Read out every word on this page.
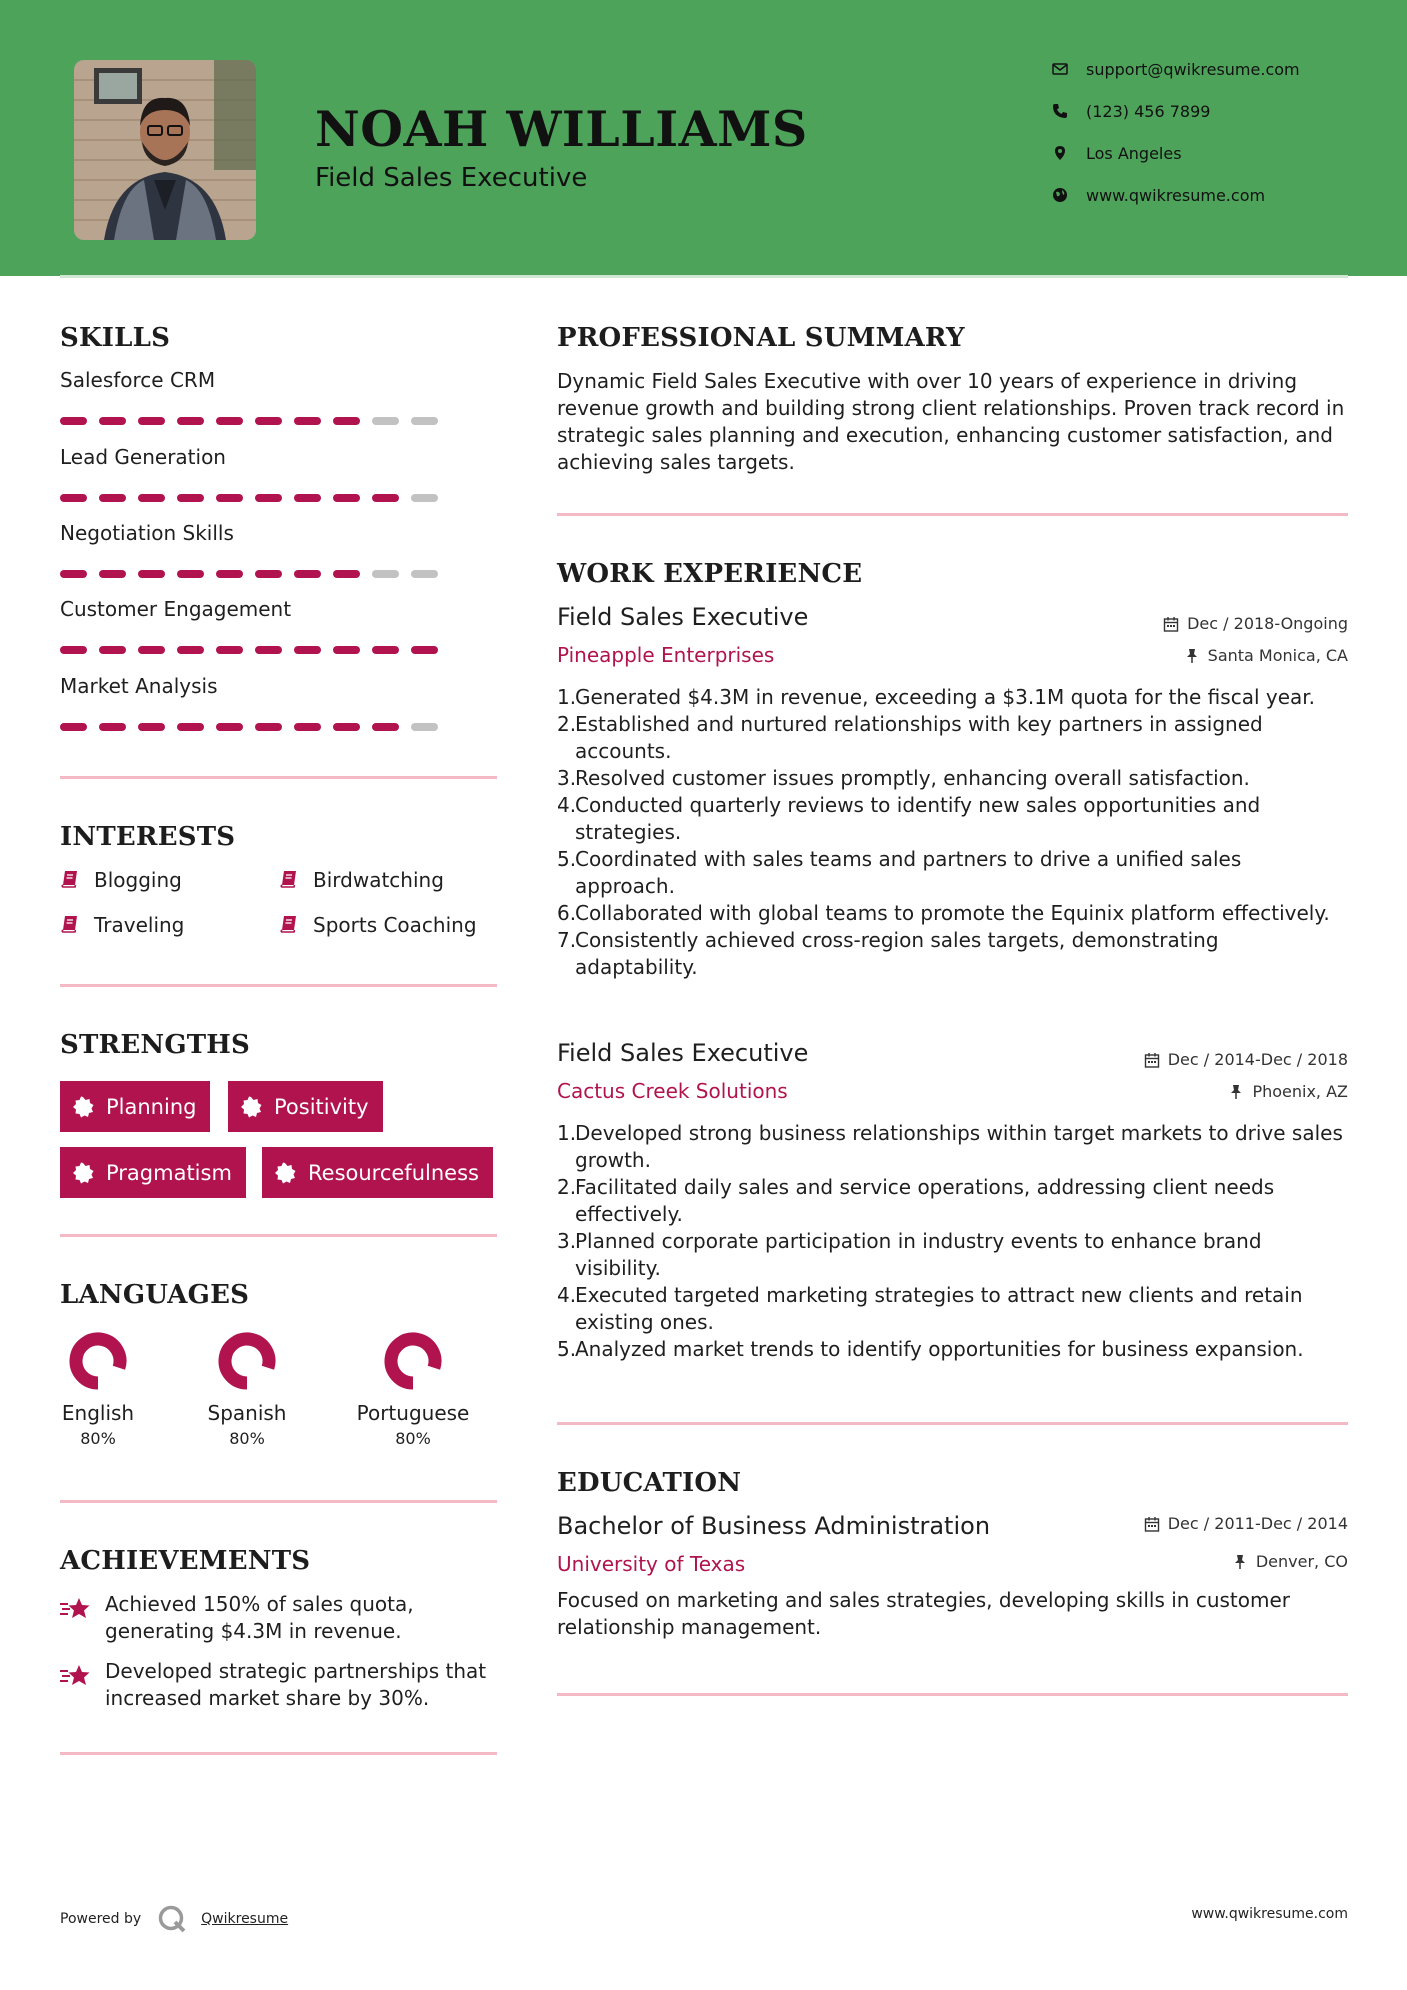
NOAH WILLIAMS
Field Sales Executive
support@qwikresume.com
(123) 456 7899
Los Angeles
www.qwikresume.com
SKILLS
Salesforce CRM
Lead Generation
Negotiation Skills
Customer Engagement
Market Analysis
INTERESTS
Blogging	Birdwatching
Traveling	Sports Coaching
STRENGTHS
Planning	Positivity
Pragmatism	Resourcefulness
LANGUAGES
English
80%
Spanish
80%
Portuguese
80%
ACHIEVEMENTS
Achieved 150% of sales quota, generating $4.3M in revenue.
Developed strategic partnerships that increased market share by 30%.
PROFESSIONAL SUMMARY
Dynamic Field Sales Executive with over 10 years of experience in driving revenue growth and building strong client relationships. Proven track record in strategic sales planning and execution, enhancing customer satisfaction, and achieving sales targets.
WORK EXPERIENCE
Field Sales Executive	Dec / 2018-Ongoing
Pineapple Enterprises	Santa Monica, CA
1.
Generated $4.3M in revenue, exceeding a $3.1M quota for the fiscal year.
2.
Established and nurtured relationships with key partners in assigned accounts.
3.
Resolved customer issues promptly, enhancing overall satisfaction.
4.
Conducted quarterly reviews to identify new sales opportunities and strategies.
5.
Coordinated with sales teams and partners to drive a unified sales approach.
6.
Collaborated with global teams to promote the Equinix platform effectively.
7.
Consistently achieved cross-region sales targets, demonstrating adaptability.
Field Sales Executive	Dec / 2014-Dec / 2018
Cactus Creek Solutions	Phoenix, AZ
1.
Developed strong business relationships within target markets to drive sales growth.
2.
Facilitated daily sales and service operations, addressing client needs effectively.
3.
Planned corporate participation in industry events to enhance brand visibility.
4.
Executed targeted marketing strategies to attract new clients and retain existing ones.
5.
Analyzed market trends to identify opportunities for business expansion.
EDUCATION
Bachelor of Business Administration	Dec / 2011-Dec / 2014
University of Texas	Denver, CO
Focused on marketing and sales strategies, developing skills in customer relationship management.
Powered by	Qwikresume	www.qwikresume.com
